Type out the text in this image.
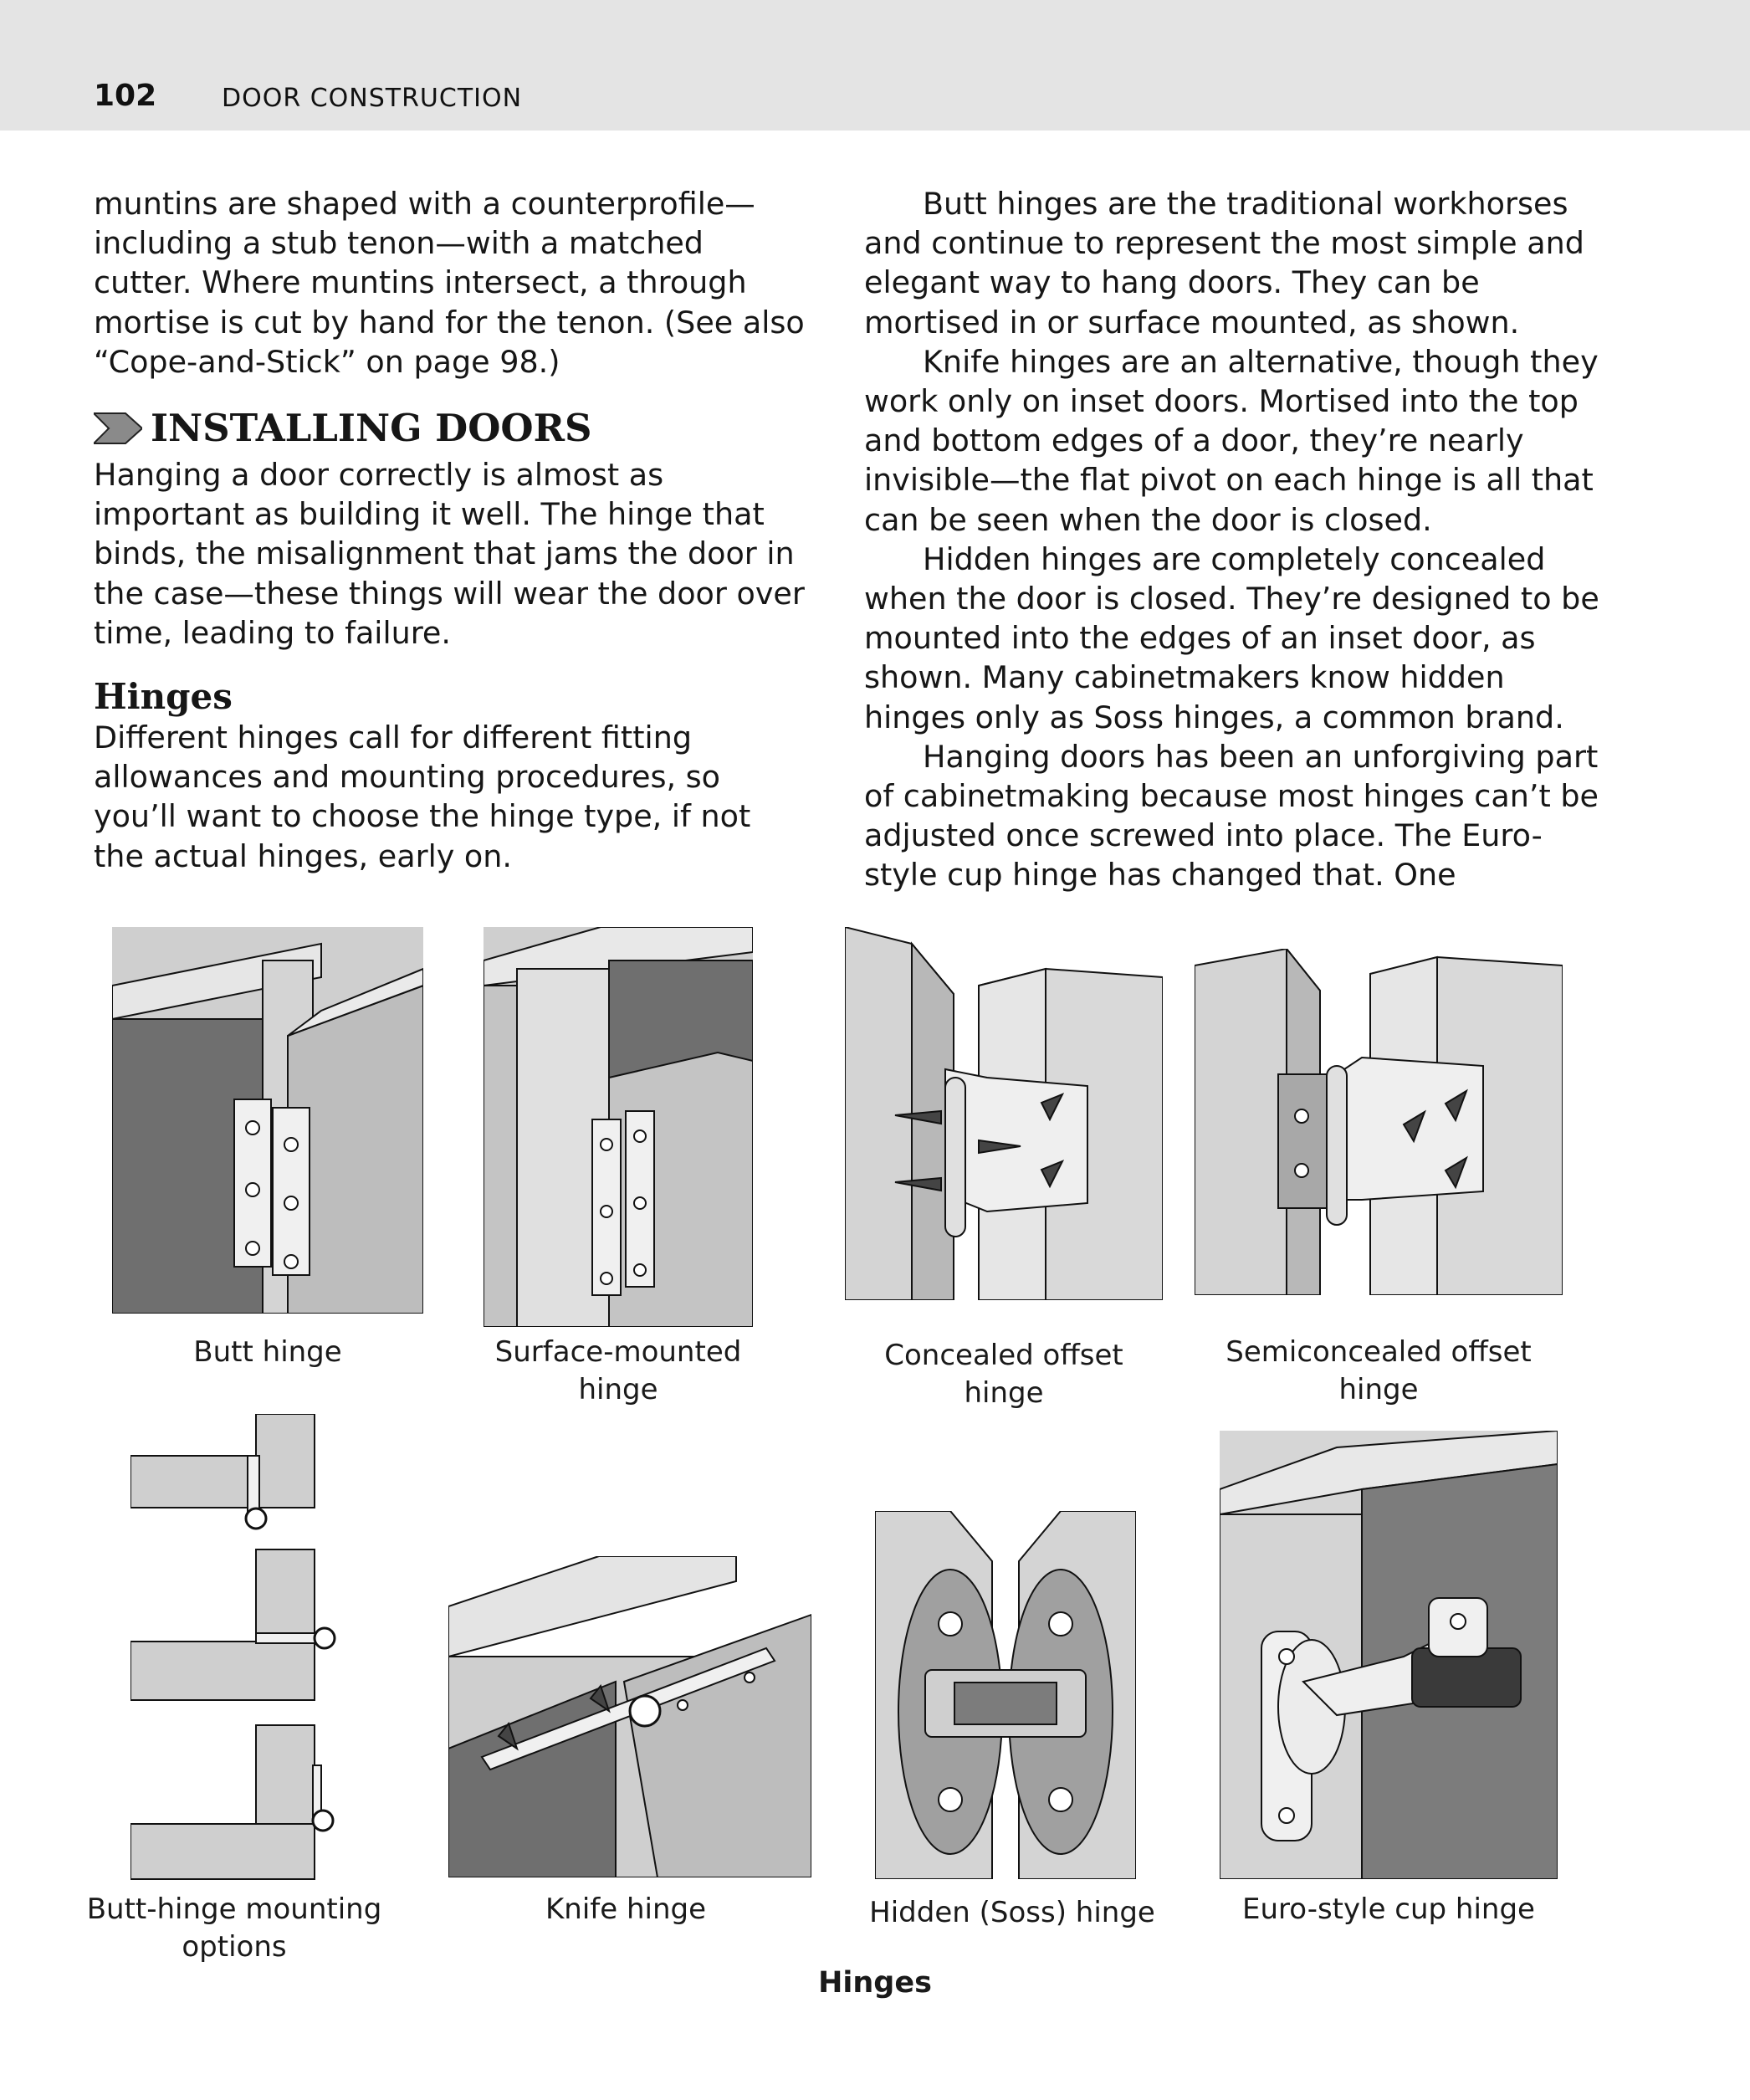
102	DOOR CONSTRUCTION

muntins are shaped with a counterprofile—including a stub tenon—with a matched cutter. Where muntins intersect, a through mortise is cut by hand for the tenon. (See also “Cope-and-Stick” on page 98.)

INSTALLING DOORS

Hanging a door correctly is almost as important as building it well. The hinge that binds, the misalignment that jams the door in the case—these things will wear the door over time, leading to failure.

Hinges

Different hinges call for different fitting allowances and mounting procedures, so you’ll want to choose the hinge type, if not the actual hinges, early on.

Butt hinges are the traditional workhorses and continue to represent the most simple and elegant way to hang doors. They can be mortised in or surface mounted, as shown.

Knife hinges are an alternative, though they work only on inset doors. Mortised into the top and bottom edges of a door, they’re nearly invisible—the flat pivot on each hinge is all that can be seen when the door is closed.

Hidden hinges are completely concealed when the door is closed. They’re designed to be mounted into the edges of an inset door, as shown. Many cabinetmakers know hidden hinges only as Soss hinges, a common brand.

Hanging doors has been an unforgiving part of cabinetmaking because most hinges can’t be adjusted once screwed into place. The Euro-style cup hinge has changed that. One

Butt hinge	Surface-mounted hinge
Concealed offset hinge
Semiconcealed offset hinge
Butt-hinge mounting options
Knife hinge	Hidden (Soss) hinge	Euro-style cup hinge
Hinges
